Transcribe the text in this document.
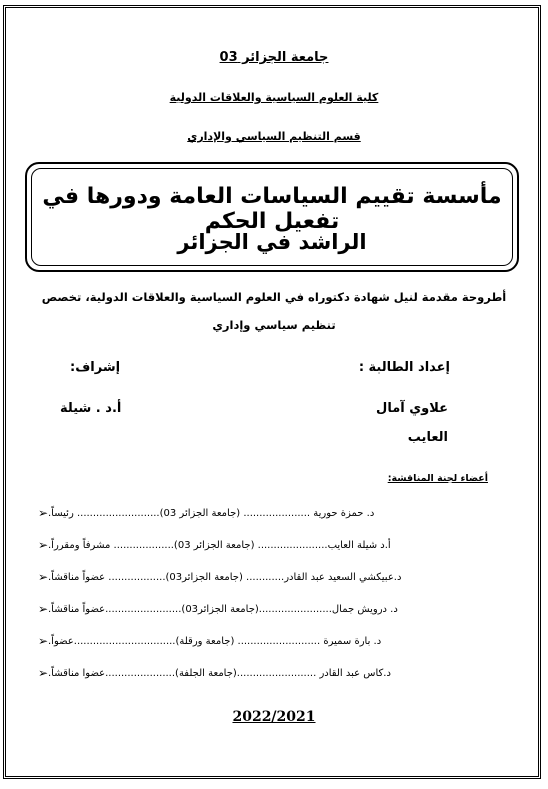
جامعة الجزائر 03
كلية العلوم السياسية والعلاقات الدولية
قسم التنظيم السياسي والإداري
مأسسة تقييم السياسات العامة ودورها في تفعيل الحكم
الراشد في الجزائر
أطروحة مقدمة لنيل شهادة دكتوراه في العلوم السياسية والعلاقات الدولية، تخصص
تنظيم سياسي وإداري
إعداد الطالبة :
إشراف:
علاوي آمال
أ.د . شيلة
العايب
أعضاء لجنة المناقشة:
➢ د. حمزة حورية ..................... (جامعة الجزائر 03).......................... رئيساً.
➢ أ.د شيلة العايب...................... (جامعة الجزائر 03)................... مشرفاً ومقرراً.
➢ د.عبيكشي السعيد عبد القادر............ (جامعة الجزائر03).................. عضواً مناقشاً.
➢ د. درويش جمال.......................(جامعة الجزائر03)........................عضواً مناقشاً.
➢ د. بارة سميرة .......................... (جامعة ورقلة)................................عضواً.
➢ د.كاس عبد القادر .........................(جامعة الجلفة)......................عضوا مناقشاً.
2022/2021
